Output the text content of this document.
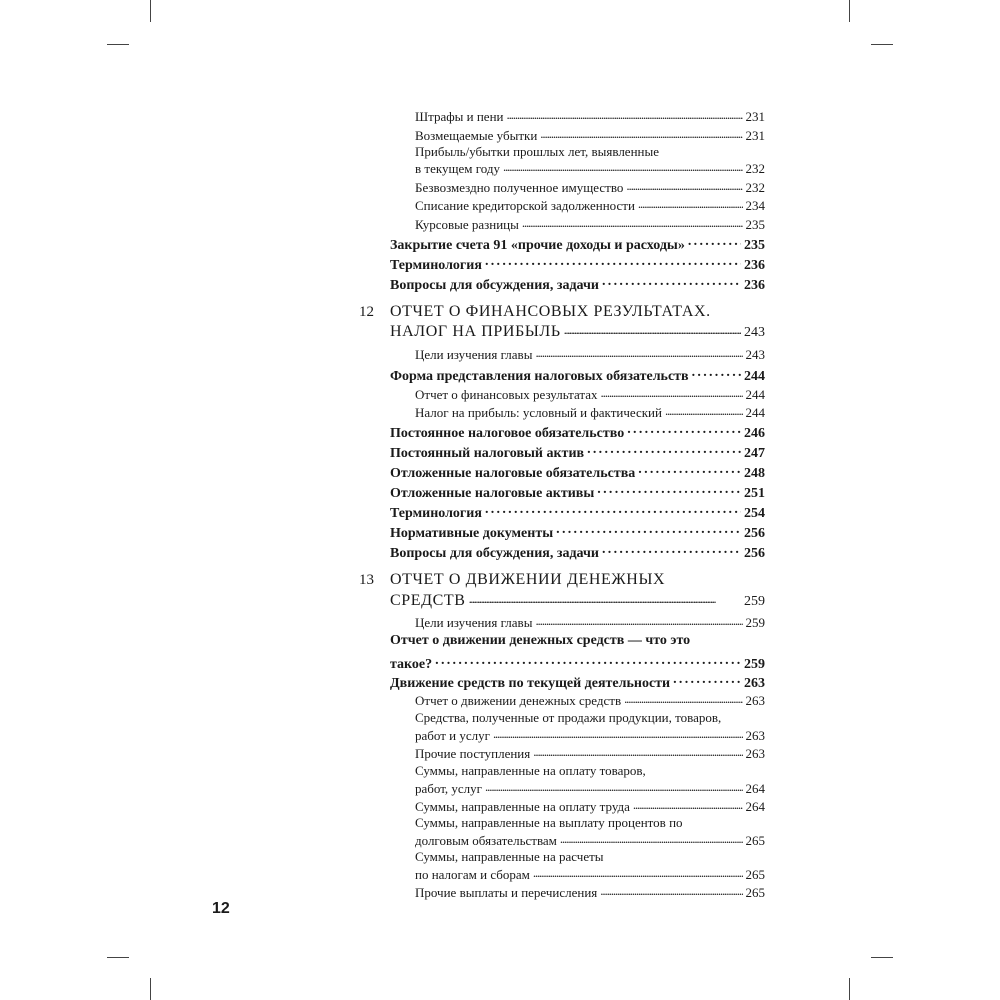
Штрафы и пени . . .	231
Возмещаемые убытки . . .	231
Прибыль/убытки прошлых лет, выявленные
в текущем году . . .	232
Безвозмездно полученное имущество . . .	232
Списание кредиторской задолженности . . .	234
Курсовые разницы . . .	235
Закрытие счета 91 «прочие доходы и расходы» . . .	235
Терминология . . .	236
Вопросы для обсуждения, задачи . . .	236
12 ОТЧЕТ О ФИНАНСОВЫХ РЕЗУЛЬТАТАХ.
НАЛОГ НА ПРИБЫЛЬ . . .	243
Цели изучения главы . . .	243
Форма представления налоговых обязательств . . .	244
Отчет о финансовых результатах . . .	244
Налог на прибыль: условный и фактический . . .	244
Постоянное налоговое обязательство . . .	246
Постоянный налоговый актив . . .	247
Отложенные налоговые обязательства . . .	248
Отложенные налоговые активы . . .	251
Терминология . . .	254
Нормативные документы . . .	256
Вопросы для обсуждения, задачи . . .	256
13 ОТЧЕТ О ДВИЖЕНИИ ДЕНЕЖНЫХ
СРЕДСТВ . . .	259
Цели изучения главы . . .	259
Отчет о движении денежных средств — что это
такое? . . .	259
Движение средств по текущей деятельности . . .	263
Отчет о движении денежных средств . . .	263
Средства, полученные от продажи продукции, товаров,
работ и услуг . . .	263
Прочие поступления . . .	263
Суммы, направленные на оплату товаров,
работ, услуг . . .	264
Суммы, направленные на оплату труда . . .	264
Суммы, направленные на выплату процентов по
долговым обязательствам . . .	265
Суммы, направленные на расчеты
по налогам и сборам . . .	265
Прочие выплаты и перечисления . . .	265
12
